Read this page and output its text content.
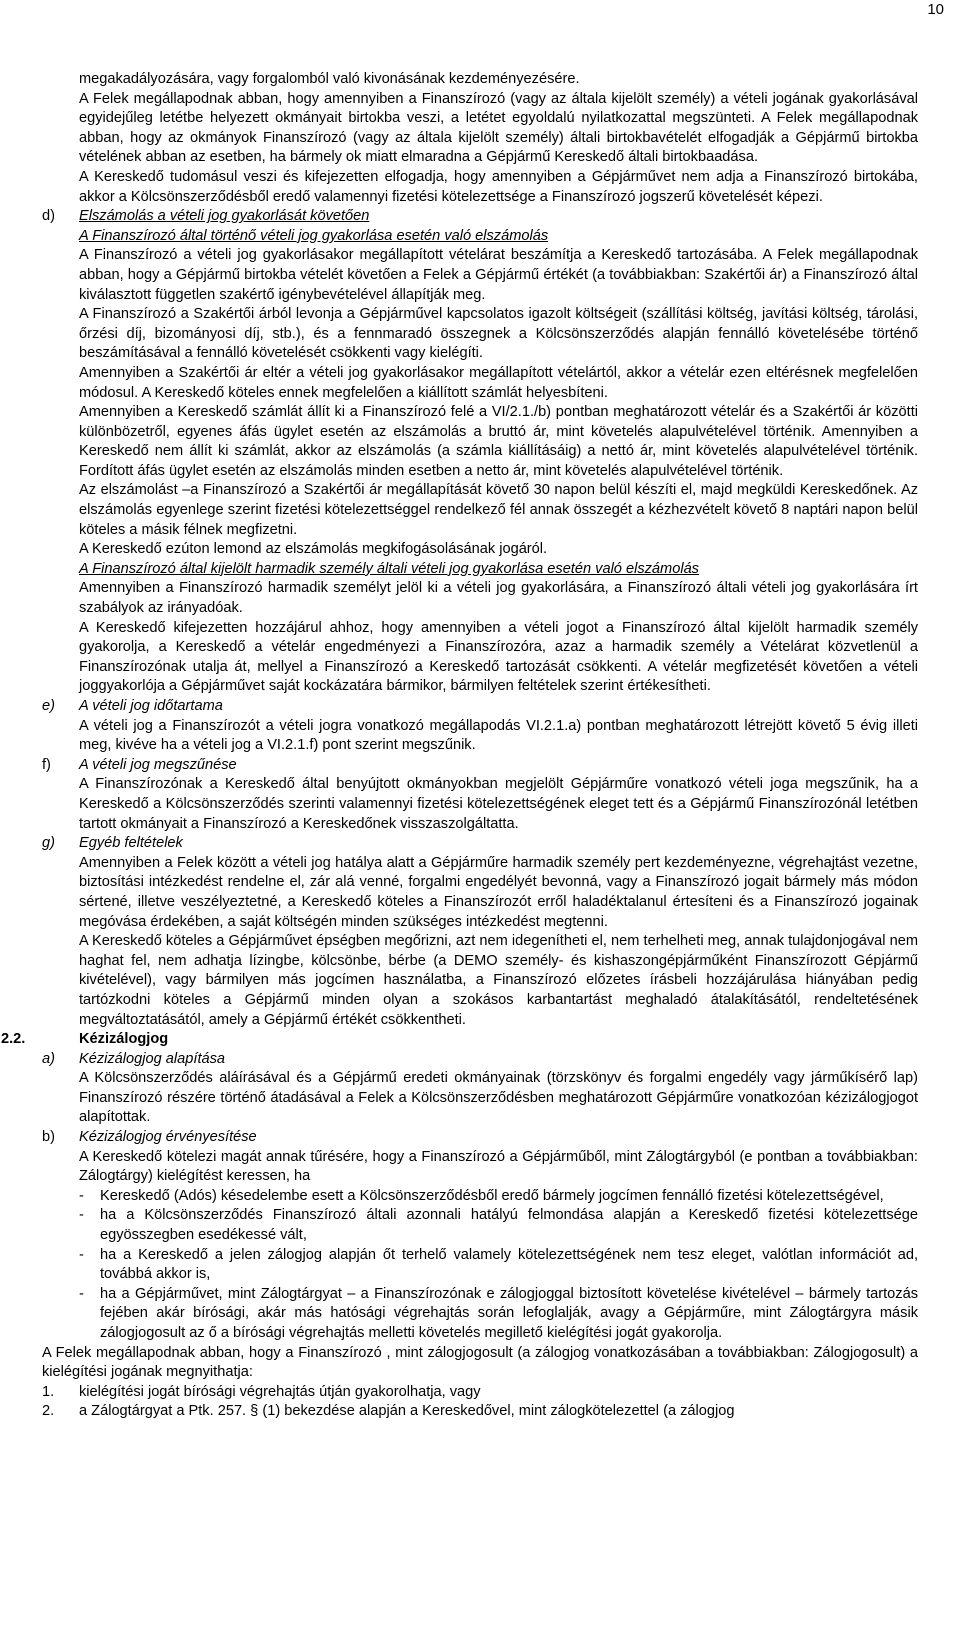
10
megakadályozására, vagy forgalomból való kivonásának kezdeményezésére.
A Felek megállapodnak abban, hogy amennyiben a Finanszírozó (vagy az általa kijelölt személy) a vételi jogának gyakorlásával egyidejűleg letétbe helyezett okmányait birtokba veszi, a letétet egyoldalú nyilatkozattal megszünteti. A Felek megállapodnak abban, hogy az okmányok Finanszírozó (vagy az általa kijelölt személy) általi birtokbavételét elfogadják a Gépjármű birtokba vételének abban az esetben, ha bármely ok miatt elmaradna a Gépjármű Kereskedő általi birtokbaadása.
A Kereskedő tudomásul veszi és kifejezetten elfogadja, hogy amennyiben a Gépjárművet nem adja a Finanszírozó birtokába, akkor a Kölcsönszerződésből eredő valamennyi fizetési kötelezettsége a Finanszírozó jogszerű követelését képezi.
d) Elszámolás a vételi jog gyakorlását követően
A Finanszírozó által történő vételi jog gyakorlása esetén való elszámolás
A Finanszírozó a vételi jog gyakorlásakor megállapított vételárat beszámítja a Kereskedő tartozásába. A Felek megállapodnak abban, hogy a Gépjármű birtokba vételét követően a Felek a Gépjármű értékét (a továbbiakban: Szakértői ár) a Finanszírozó által kiválasztott független szakértő igénybevételével állapítják meg.
A Finanszírozó a Szakértői árból levonja a Gépjárművel kapcsolatos igazolt költségeit (szállítási költség, javítási költség, tárolási, őrzési díj, bizományosi díj, stb.), és a fennmaradó összegnek a Kölcsönszerződés alapján fennálló követelésébe történő beszámításával a fennálló követelését csökkenti vagy kielégíti.
Amennyiben a Szakértői ár eltér a vételi jog gyakorlásakor megállapított vételártól, akkor a vételár ezen eltérésnek megfelelően módosul. A Kereskedő köteles ennek megfelelően a kiállított számlát helyesbíteni.
Amennyiben a Kereskedő számlát állít ki a Finanszírozó felé a VI/2.1./b) pontban meghatározott vételár és a Szakértői ár közötti különbözetről, egyenes áfás ügylet esetén az elszámolás a bruttó ár, mint követelés alapulvételével történik. Amennyiben a Kereskedő nem állít ki számlát, akkor az elszámolás (a számla kiállításáig) a nettó ár, mint követelés alapulvételével történik. Fordított áfás ügylet esetén az elszámolás minden esetben a netto ár, mint követelés alapulvételével történik.
Az elszámolást –a Finanszírozó a Szakértői ár megállapítását követő 30 napon belül készíti el, majd megküldi Kereskedőnek. Az elszámolás egyenlege szerint fizetési kötelezettséggel rendelkező fél annak összegét a kézhezvételt követő 8 naptári napon belül köteles a másik félnek megfizetni.
A Kereskedő ezúton lemond az elszámolás megkifogásolásának jogáról.
A Finanszírozó által kijelölt harmadik személy általi vételi jog gyakorlása esetén való elszámolás
Amennyiben a Finanszírozó harmadik személyt jelöl ki a vételi jog gyakorlására, a Finanszírozó általi vételi jog gyakorlására írt szabályok az irányadóak.
A Kereskedő kifejezetten hozzájárul ahhoz, hogy amennyiben a vételi jogot a Finanszírozó által kijelölt harmadik személy gyakorolja, a Kereskedő a vételár engedményezi a Finanszírozóra, azaz a harmadik személy a Vételárat közvetlenül a Finanszírozónak utalja át, mellyel a Finanszírozó a Kereskedő tartozását csökkenti. A vételár megfizetését követően a vételi joggyakorlója a Gépjárművet saját kockázatára bármikor, bármilyen feltételek szerint értékesítheti.
e) A vételi jog időtartama
A vételi jog a Finanszírozót a vételi jogra vonatkozó megállapodás VI.2.1.a) pontban meghatározott létrejött követő 5 évig illeti meg, kivéve ha a vételi jog a VI.2.1.f) pont szerint megszűnik.
f) A vételi jog megszűnése
A Finanszírozónak a Kereskedő által benyújtott okmányokban megjelölt Gépjárműre vonatkozó vételi joga megszűnik, ha a Kereskedő a Kölcsönszerződés szerinti valamennyi fizetési kötelezettségének eleget tett és a Gépjármű Finanszírozónál letétben tartott okmányait a Finanszírozó a Kereskedőnek visszaszolgáltatta.
g) Egyéb feltételek
Amennyiben a Felek között a vételi jog hatálya alatt a Gépjárműre harmadik személy pert kezdeményezne, végrehajtást vezetne, biztosítási intézkedést rendelne el, zár alá venné, forgalmi engedélyét bevonná, vagy a Finanszírozó jogait bármely más módon sértené, illetve veszélyeztetné, a Kereskedő köteles a Finanszírozót erről haladéktalanul értesíteni és a Finanszírozó jogainak megóvása érdekében, a saját költségén minden szükséges intézkedést megtenni.
A Kereskedő köteles a Gépjárművet épségben megőrizni, azt nem idegenítheti el, nem terhelheti meg, annak tulajdonjogával nem haghat fel, nem adhatja lízingbe, kölcsönbe, bérbe (a DEMO személy- és kishaszongépjárműként Finanszírozott Gépjármű kivételével), vagy bármilyen más jogcímen használatba, a Finanszírozó előzetes írásbeli hozzájárulása hiányában pedig tartózkodni köteles a Gépjármű minden olyan a szokásos karbantartást meghaladó átalakításától, rendeltetésének megváltoztatásától, amely a Gépjármű értékét csökkentheti.
2.2.	Kézizálogjog
a) Kézizálogjog alapítása
A Kölcsönszerződés aláírásával és a Gépjármű eredeti okmányainak (törzskönyv és forgalmi engedély vagy járműkísérő lap) Finanszírozó részére történő átadásával a Felek a Kölcsönszerződésben meghatározott Gépjárműre vonatkozóan kézizálogjogot alapítottak.
b) Kézizálogjog érvényesítése
A Kereskedő kötelezi magát annak tűrésére, hogy a Finanszírozó a Gépjárműből, mint Zálogtárgyból (e pontban a továbbiakban: Zálogtárgy) kielégítést keressen, ha
- Kereskedő (Adós) késedelembe esett a Kölcsönszerződésből eredő bármely jogcímen fennálló fizetési kötelezettségével,
- ha a Kölcsönszerződés Finanszírozó általi azonnali hatályú felmondása alapján a Kereskedő fizetési kötelezettsége egyösszegben esedékessé vált,
- ha a Kereskedő a jelen zálogjog alapján őt terhelő valamely kötelezettségének nem tesz eleget, valótlan információt ad, továbbá akkor is,
- ha a Gépjárművet, mint Zálogtárgyat – a Finanszírozónak e zálogjoggal biztosított követelése kivételével – bármely tartozás fejében akár bírósági, akár más hatósági végrehajtás során lefoglalják, avagy a Gépjárműre, mint Zálogtárgyra másik zálogjogosult az ő a bírósági végrehajtás melletti követelés megillető kielégítési jogát gyakorolja.
A Felek megállapodnak abban, hogy a Finanszírozó , mint zálogjogosult (a zálogjog vonatkozásában a továbbiakban: Zálogjogosult) a kielégítési jogának megnyithatja:
1. kielégítési jogát bírósági végrehajtás útján gyakorolhatja, vagy
2. a Zálogtárgyat a Ptk. 257. § (1) bekezdése alapján a Kereskedővel, mint zálogkötelezettel (a zálogjog
